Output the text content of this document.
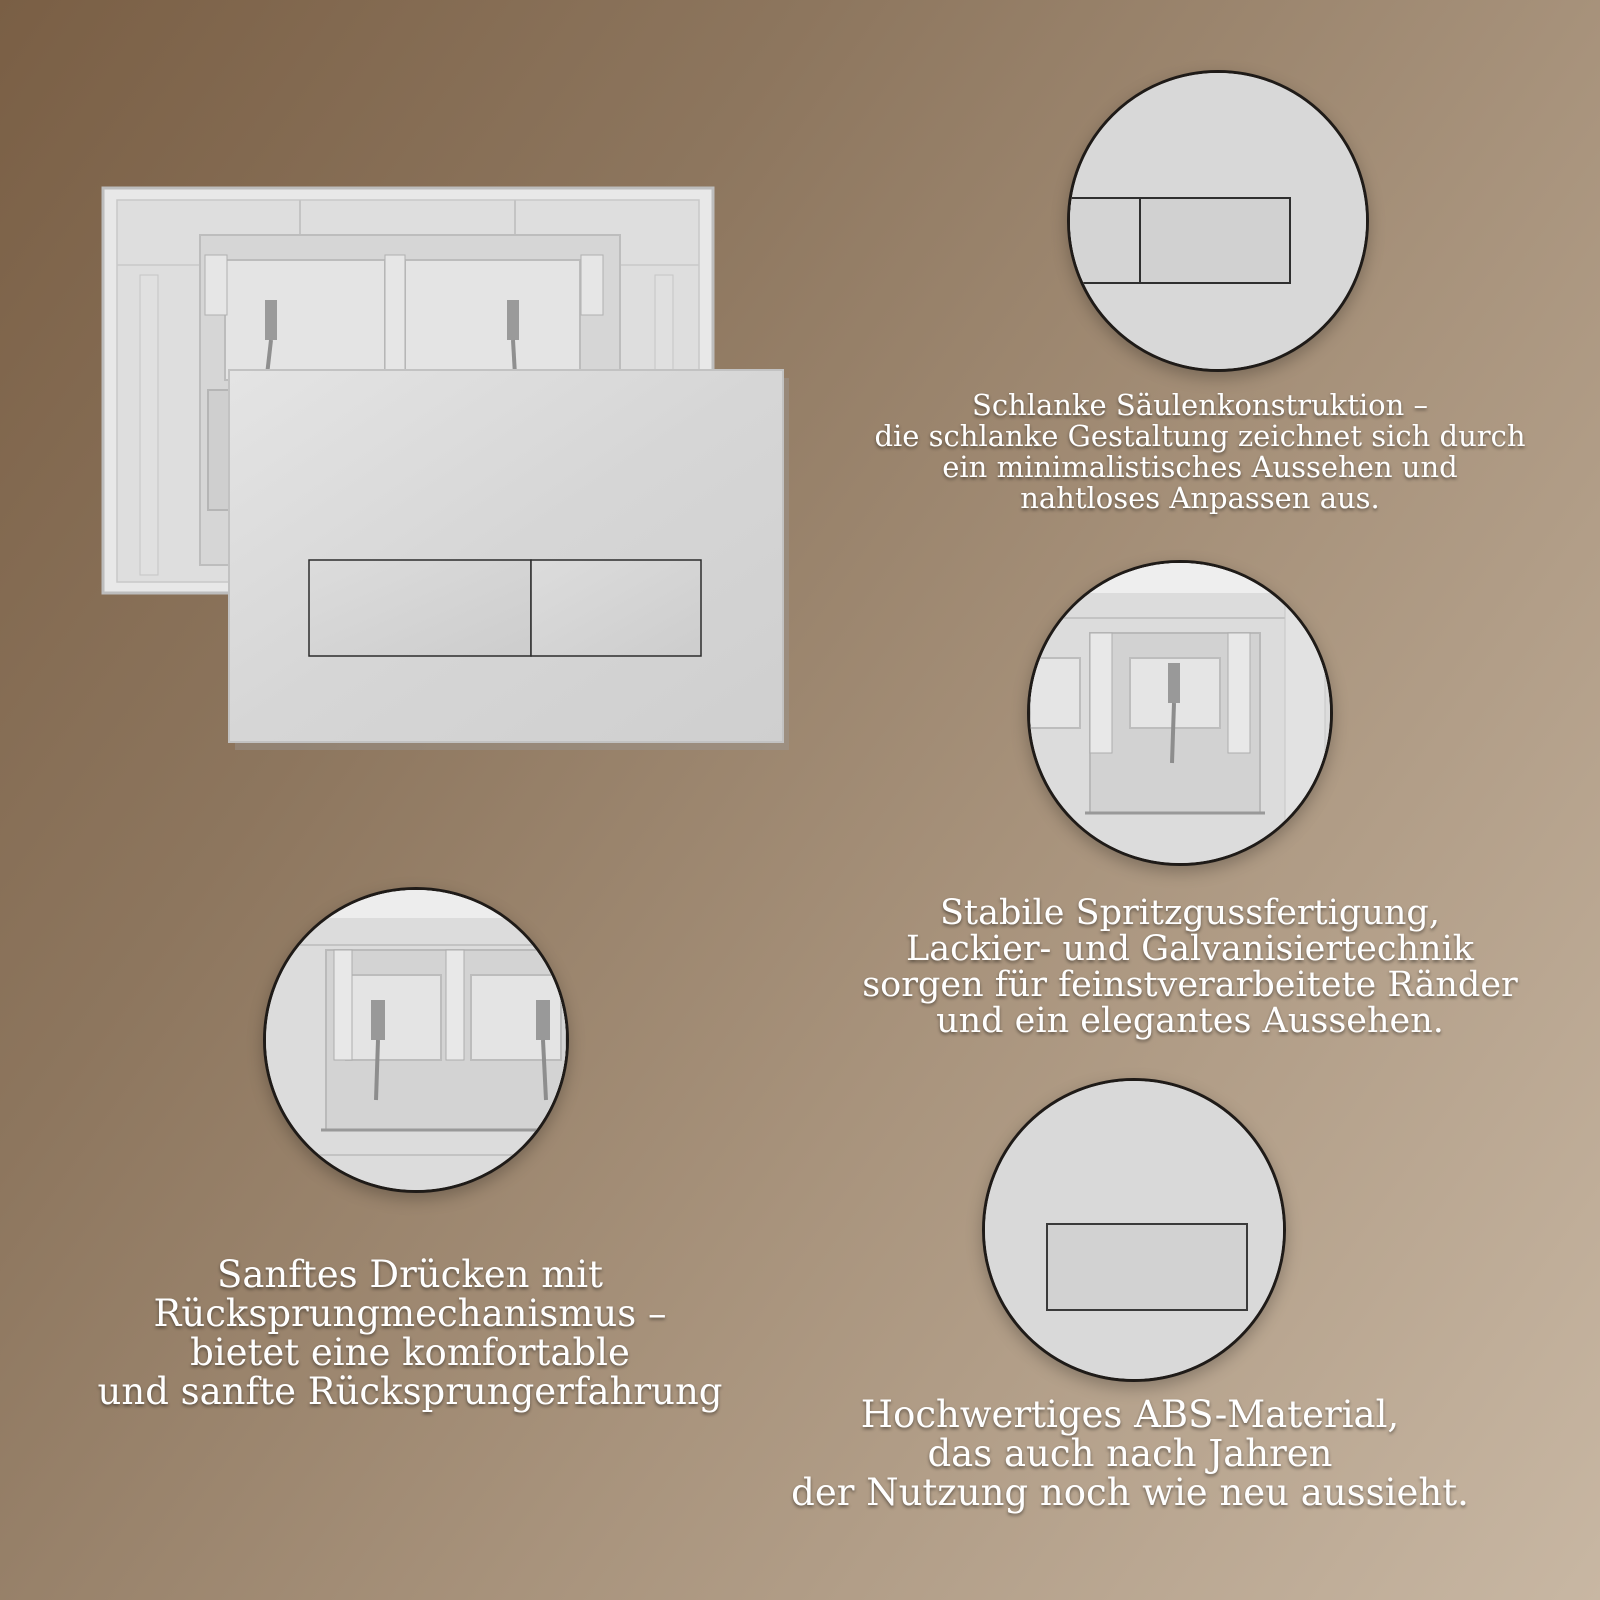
Schlanke Säulenkonstruktion –
die schlanke Gestaltung zeichnet sich durch
ein minimalistisches Aussehen und
nahtloses Anpassen aus.

Stabile Spritzgussfertigung,
Lackier- und Galvanisiertechnik
sorgen für feinstverarbeitete Ränder
und ein elegantes Aussehen.

Sanftes Drücken mit
Rücksprungmechanismus –
bietet eine komfortable
und sanfte Rücksprungerfahrung

Hochwertiges ABS-Material,
das auch nach Jahren
der Nutzung noch wie neu aussieht.
